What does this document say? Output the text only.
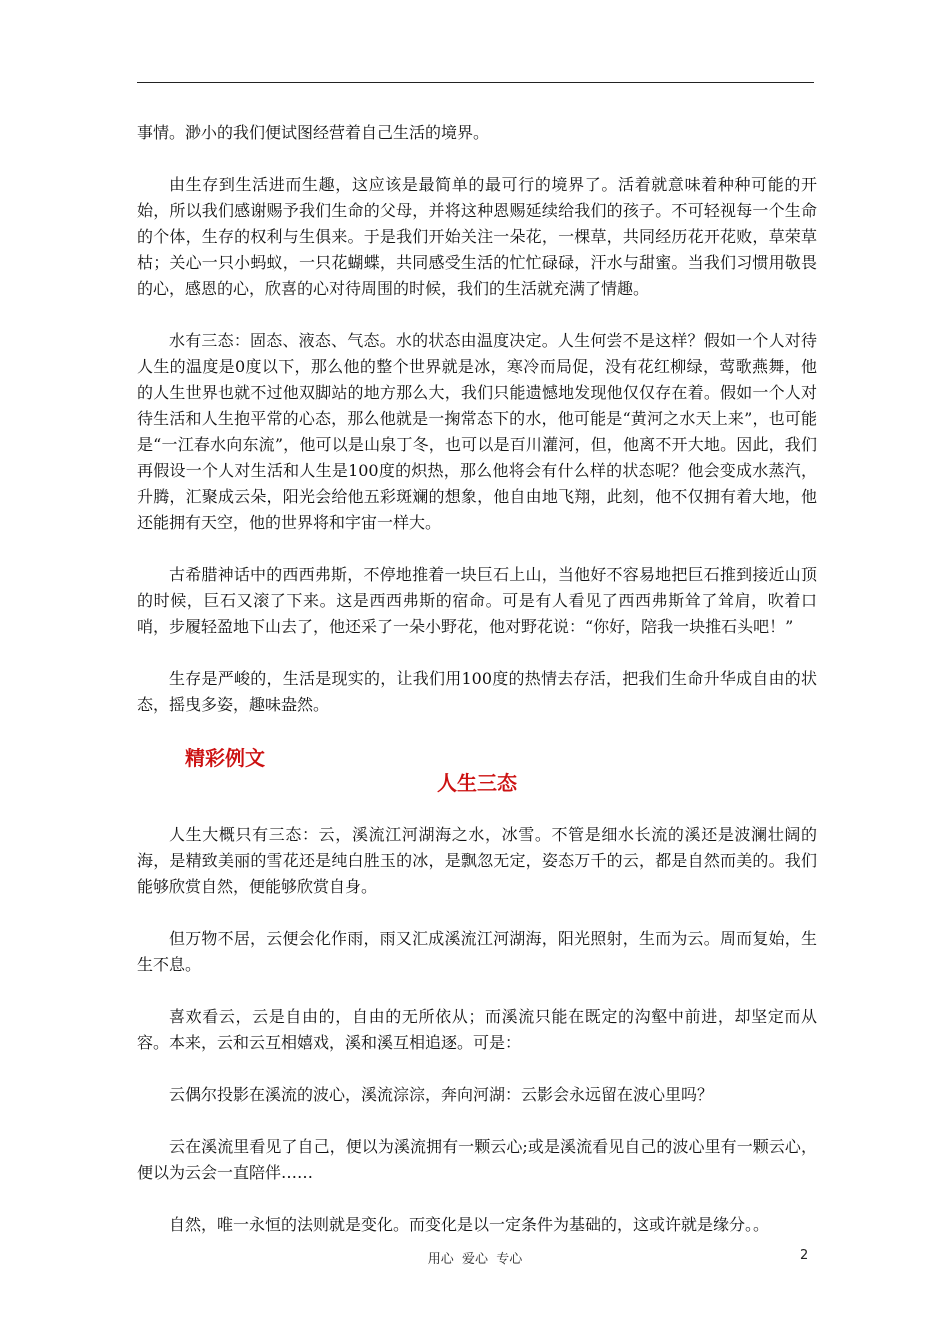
事情。渺小的我们便试图经营着自己生活的境界。

由生存到生活进而生趣，这应该是最简单的最可行的境界了。活着就意味着种种可能的开始，所以我们感谢赐予我们生命的父母，并将这种恩赐延续给我们的孩子。不可轻视每一个生命的个体，生存的权利与生俱来。于是我们开始关注一朵花，一棵草，共同经历花开花败，草荣草枯；关心一只小蚂蚁，一只花蝴蝶，共同感受生活的忙忙碌碌，汗水与甜蜜。当我们习惯用敬畏的心，感恩的心，欣喜的心对待周围的时候，我们的生活就充满了情趣。

水有三态：固态、液态、气态。水的状态由温度决定。人生何尝不是这样？假如一个人对待人生的温度是0度以下，那么他的整个世界就是冰，寒冷而局促，没有花红柳绿，莺歌燕舞，他的人生世界也就不过他双脚站的地方那么大，我们只能遗憾地发现他仅仅存在着。假如一个人对待生活和人生抱平常的心态，那么他就是一掬常态下的水，他可能是“黄河之水天上来”，也可能是“一江春水向东流”，他可以是山泉丁冬，也可以是百川灌河，但，他离不开大地。因此，我们再假设一个人对生活和人生是100度的炽热，那么他将会有什么样的状态呢？他会变成水蒸汽，升腾，汇聚成云朵，阳光会给他五彩斑斓的想象，他自由地飞翔，此刻，他不仅拥有着大地，他还能拥有天空，他的世界将和宇宙一样大。

古希腊神话中的西西弗斯，不停地推着一块巨石上山，当他好不容易地把巨石推到接近山顶的时候，巨石又滚了下来。这是西西弗斯的宿命。可是有人看见了西西弗斯耸了耸肩，吹着口哨，步履轻盈地下山去了，他还采了一朵小野花，他对野花说：“你好，陪我一块推石头吧！”

生存是严峻的，生活是现实的，让我们用100度的热情去存活，把我们生命升华成自由的状态，摇曳多姿，趣味盎然。

精彩例文
人生三态

人生大概只有三态：云，溪流江河湖海之水，冰雪。不管是细水长流的溪还是波澜壮阔的海，是精致美丽的雪花还是纯白胜玉的冰，是飘忽无定，姿态万千的云，都是自然而美的。我们能够欣赏自然，便能够欣赏自身。

但万物不居，云便会化作雨，雨又汇成溪流江河湖海，阳光照射，生而为云。周而复始，生生不息。

喜欢看云，云是自由的，自由的无所依从；而溪流只能在既定的沟壑中前进，却坚定而从容。本来，云和云互相嬉戏，溪和溪互相追逐。可是：

云偶尔投影在溪流的波心，溪流淙淙，奔向河湖：云影会永远留在波心里吗？

云在溪流里看见了自己，便以为溪流拥有一颗云心;或是溪流看见自己的波心里有一颗云心，便以为云会一直陪伴……

自然，唯一永恒的法则就是变化。而变化是以一定条件为基础的，这或许就是缘分。。

用心  爱心  专心	2
